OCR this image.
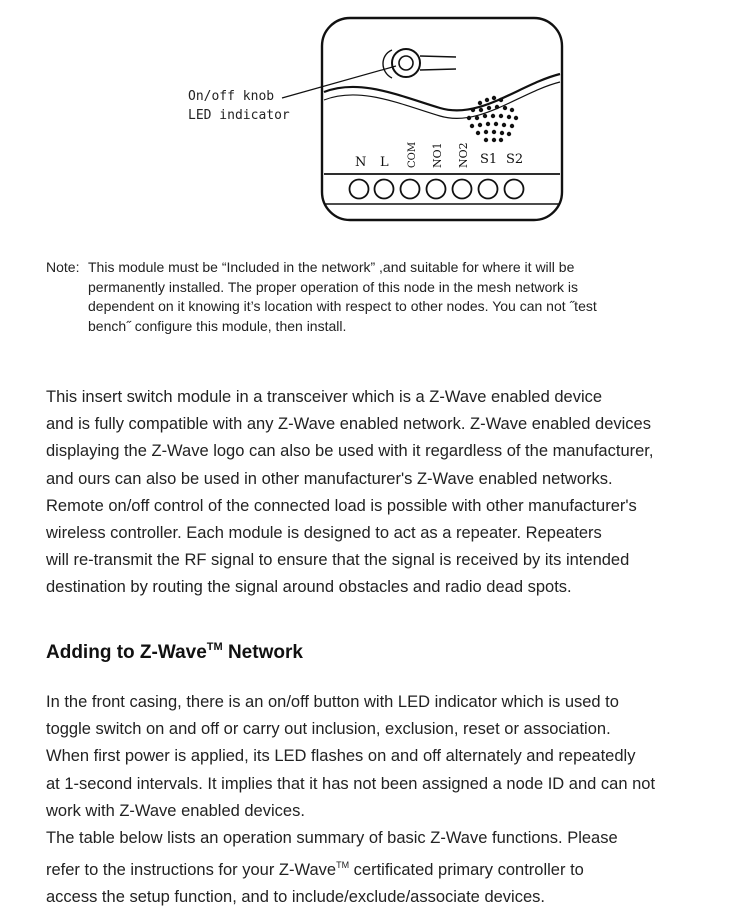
N L COM NO1 NO2 S1 S2
On/off knob
LED indicator
Note: This module must be “Included in the network” ,and suitable for where it will be
permanently installed. The proper operation of this node in the mesh network is
dependent on it knowing it’s location with respect to other nodes. You can not ˝test
bench˝ configure this module, then install.

This insert switch module in a transceiver which is a Z-Wave enabled device
and is fully compatible with any Z-Wave enabled network. Z-Wave enabled devices
displaying the Z-Wave logo can also be used with it regardless of the manufacturer,
and ours can also be used in other manufacturer's Z-Wave enabled networks.
Remote on/off control of the connected load is possible with other manufacturer's
wireless controller. Each module is designed to act as a repeater. Repeaters
will re-transmit the RF signal to ensure that the signal is received by its intended
destination by routing the signal around obstacles and radio dead spots.

Adding to Z-Wave™ Network

In the front casing, there is an on/off button with LED indicator which is used to
toggle switch on and off or carry out inclusion, exclusion, reset or association.
When first power is applied, its LED flashes on and off alternately and repeatedly
at 1-second intervals. It implies that it has not been assigned a node ID and can not
work with Z-Wave enabled devices.
The table below lists an operation summary of basic Z-Wave functions. Please
refer to the instructions for your Z-Wave™ certificated primary controller to
access the setup function, and to include/exclude/associate devices.
